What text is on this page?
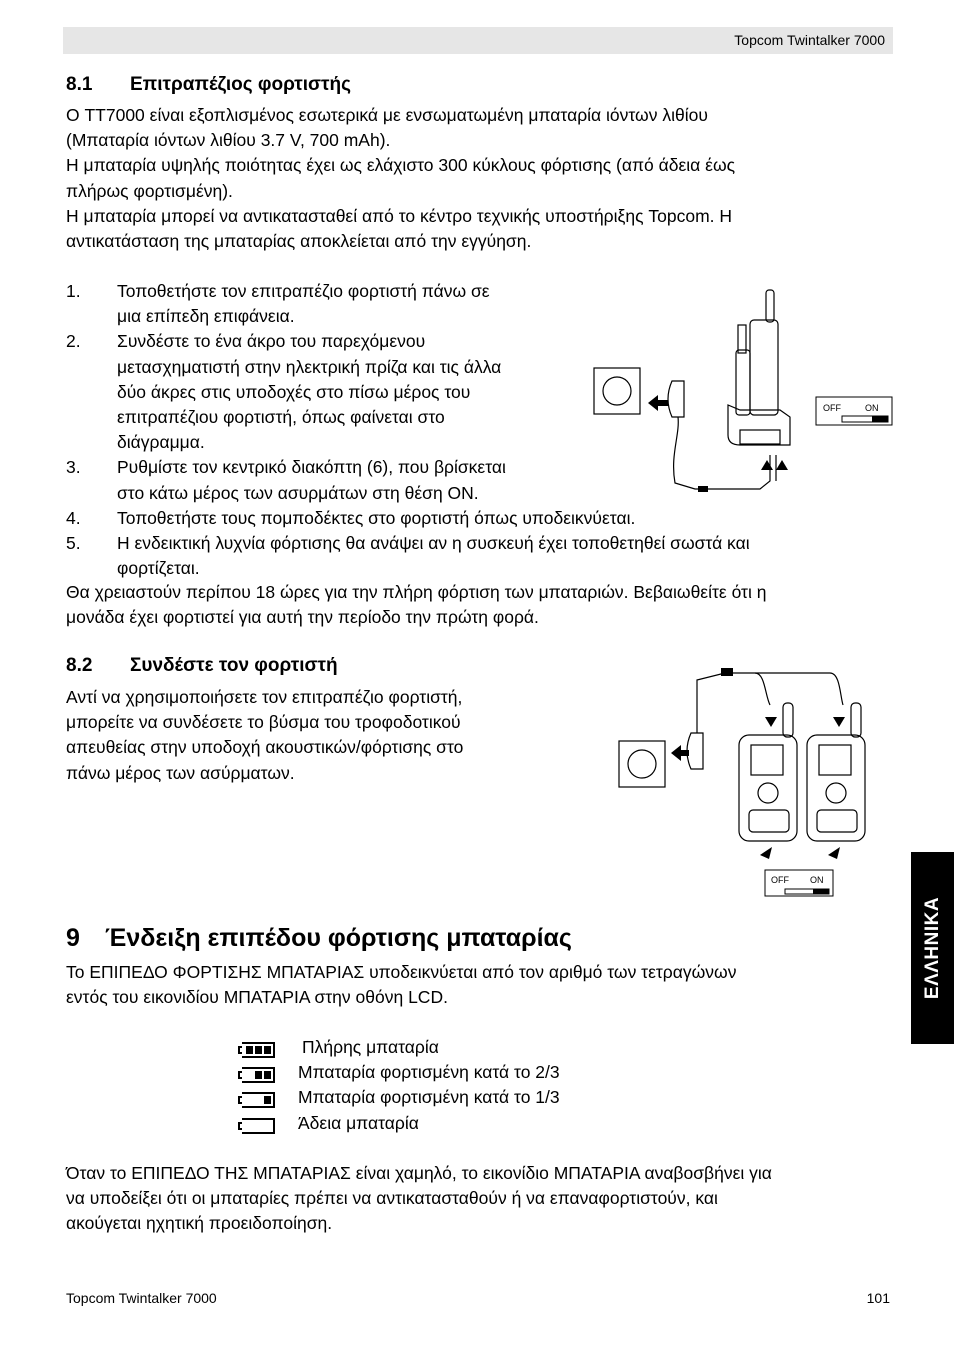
Topcom Twintalker 7000
8.1 Επιτραπέζιος φορτιστής
Ο TT7000 είναι εξοπλισμένος εσωτερικά με ενσωματωμένη μπαταρία ιόντων λιθίου
(Μπαταρία ιόντων λιθίου 3.7 V, 700 mAh).
Η μπαταρία υψηλής ποιότητας έχει ως ελάχιστο 300 κύκλους φόρτισης (από άδεια έως
πλήρως φορτισμένη).
Η μπαταρία μπορεί να αντικατασταθεί από το κέντρο τεχνικής υποστήριξης Topcom. Η
αντικατάσταση της μπαταρίας αποκλείεται από την εγγύηση.
1. Τοποθετήστε τον επιτραπέζιο φορτιστή πάνω σε
μια επίπεδη επιφάνεια.
2. Συνδέστε το ένα άκρο του παρεχόμενου
μετασχηματιστή στην ηλεκτρική πρίζα και τις άλλα
δύο άκρες στις υποδοχές στο πίσω μέρος του
επιτραπέζιου φορτιστή, όπως φαίνεται στο
διάγραμμα.
3. Ρυθμίστε τον κεντρικό διακόπτη (6), που βρίσκεται
στο κάτω μέρος των ασυρμάτων στη θέση ON.
4. Τοποθετήστε τους πομποδέκτες στο φορτιστή όπως υποδεικνύεται.
5. Η ενδεικτική λυχνία φόρτισης θα ανάψει αν η συσκευή έχει τοποθετηθεί σωστά και
φορτίζεται.
Θα χρειαστούν περίπου 18 ώρες για την πλήρη φόρτιση των μπαταριών. Βεβαιωθείτε ότι η
μονάδα έχει φορτιστεί για αυτή την περίοδο την πρώτη φορά.
OFF	ON
8.2 Συνδέστε τον φορτιστή
Αντί να χρησιμοποιήσετε τον επιτραπέζιο φορτιστή,
μπορείτε να συνδέσετε το βύσμα του τροφοδοτικού
απευθείας στην υποδοχή ακουστικών/φόρτισης στο
πάνω μέρος των ασύρματων.
OFF ON
9 Ένδειξη επιπέδου φόρτισης μπαταρίας
Το ΕΠΙΠΕΔΟ ΦΟΡΤΙΣΗΣ ΜΠΑΤΑΡΙΑΣ υποδεικνύεται από τον αριθμό των τετραγώνων
εντός του εικονιδίου ΜΠΑΤΑΡΙΑ στην οθόνη LCD.
Πλήρης μπαταρία
Μπαταρία φορτισμένη κατά το 2/3
Μπαταρία φορτισμένη κατά το 1/3
Άδεια μπαταρία
Όταν το ΕΠΙΠΕΔΟ ΤΗΣ ΜΠΑΤΑΡΙΑΣ είναι χαμηλό, το εικονίδιο ΜΠΑΤΑΡΙΑ αναβοσβήνει για
να υποδείξει ότι οι μπαταρίες πρέπει να αντικατασταθούν ή να επαναφορτιστούν, και
ακούγεται ηχητική προειδοποίηση.
ΕΛΛΗΝΙΚΑ
Topcom Twintalker 7000	101
